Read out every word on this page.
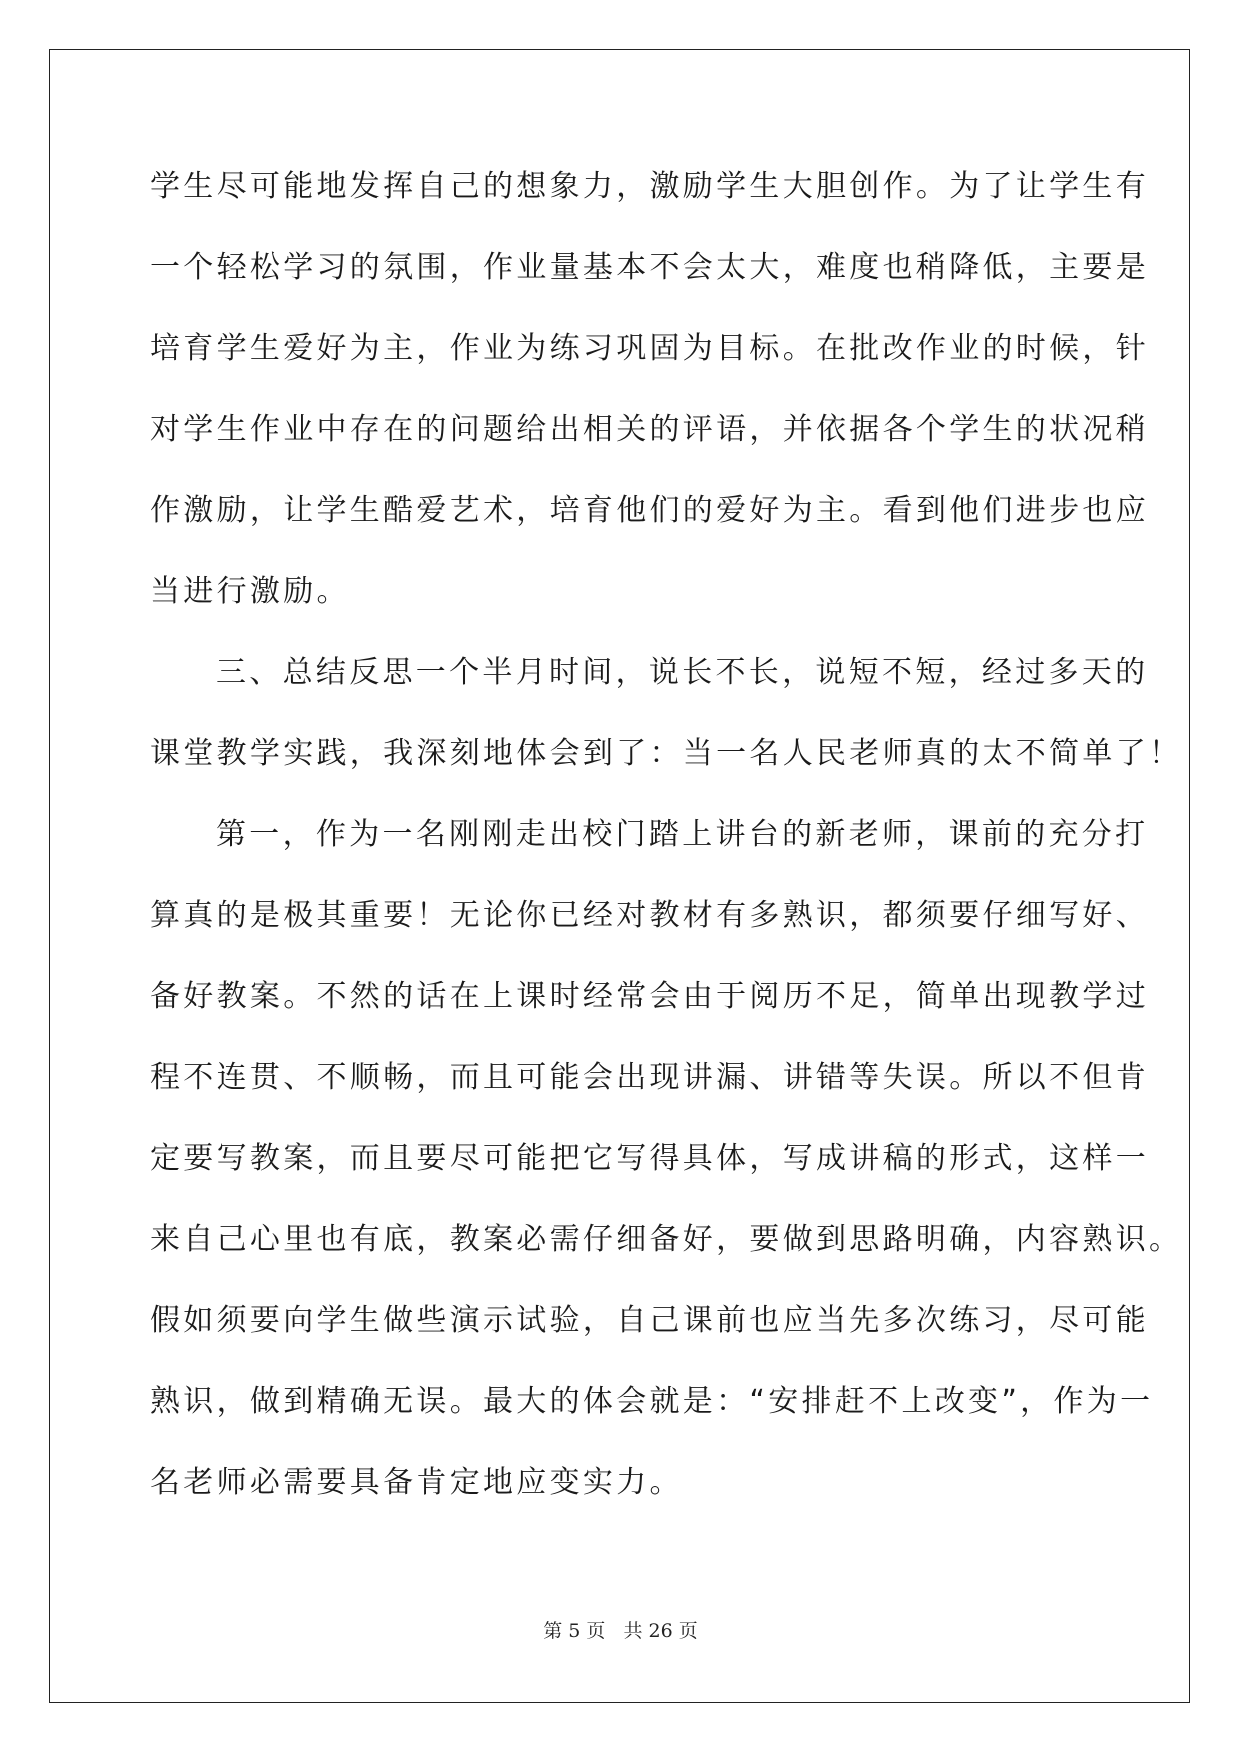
学生尽可能地发挥自己的想象力，激励学生大胆创作。为了让学生有
一个轻松学习的氛围，作业量基本不会太大，难度也稍降低，主要是
培育学生爱好为主，作业为练习巩固为目标。在批改作业的时候，针
对学生作业中存在的问题给出相关的评语，并依据各个学生的状况稍
作激励，让学生酷爱艺术，培育他们的爱好为主。看到他们进步也应
当进行激励。
三、总结反思一个半月时间，说长不长，说短不短，经过多天的
课堂教学实践，我深刻地体会到了：当一名人民老师真的太不简单了！
第一，作为一名刚刚走出校门踏上讲台的新老师，课前的充分打
算真的是极其重要！无论你已经对教材有多熟识，都须要仔细写好、
备好教案。不然的话在上课时经常会由于阅历不足，简单出现教学过
程不连贯、不顺畅，而且可能会出现讲漏、讲错等失误。所以不但肯
定要写教案，而且要尽可能把它写得具体，写成讲稿的形式，这样一
来自己心里也有底，教案必需仔细备好，要做到思路明确，内容熟识。
假如须要向学生做些演示试验，自己课前也应当先多次练习，尽可能
熟识，做到精确无误。最大的体会就是：“安排赶不上改变”，作为一
名老师必需要具备肯定地应变实力。
第 5 页 共 26 页
